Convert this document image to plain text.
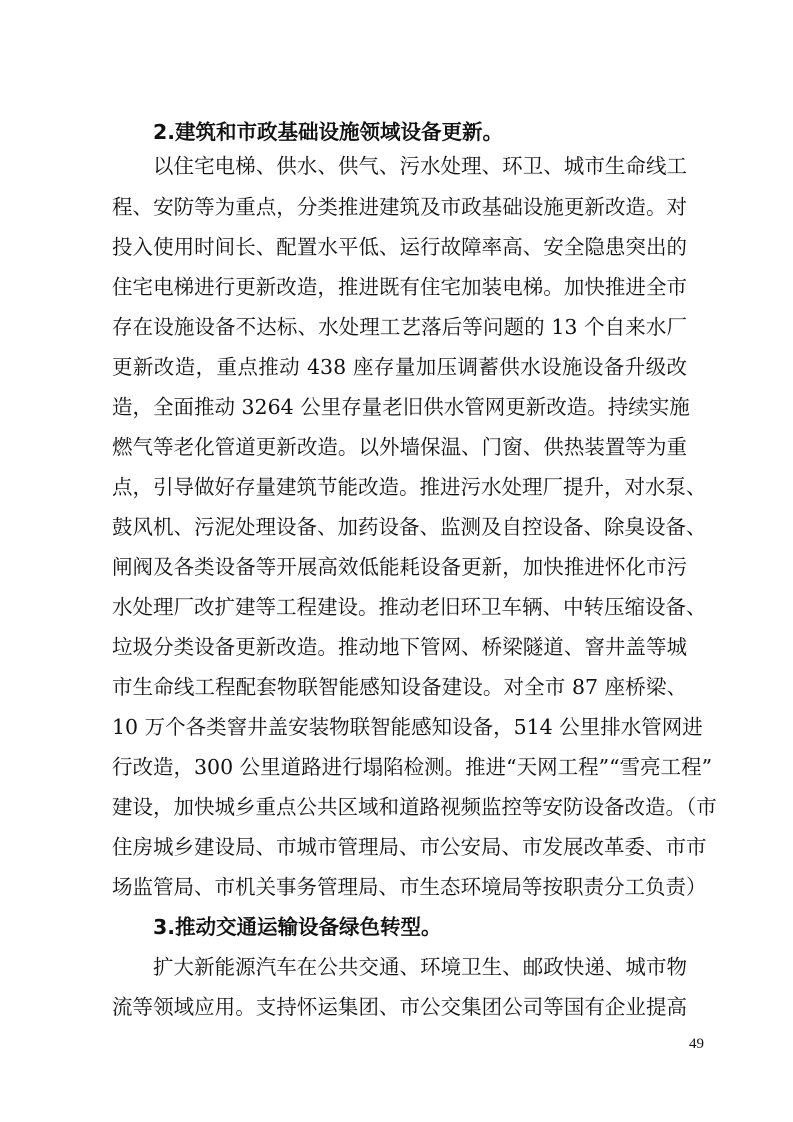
2.建筑和市政基础设施领域设备更新。
以住宅电梯、供水、供气、污水处理、环卫、城市生命线工
程、安防等为重点，分类推进建筑及市政基础设施更新改造。对
投入使用时间长、配置水平低、运行故障率高、安全隐患突出的
住宅电梯进行更新改造，推进既有住宅加装电梯。加快推进全市
存在设施设备不达标、水处理工艺落后等问题的 13 个自来水厂
更新改造，重点推动 438 座存量加压调蓄供水设施设备升级改
造，全面推动 3264 公里存量老旧供水管网更新改造。持续实施
燃气等老化管道更新改造。以外墙保温、门窗、供热装置等为重
点，引导做好存量建筑节能改造。推进污水处理厂提升，对水泵、
鼓风机、污泥处理设备、加药设备、监测及自控设备、除臭设备、
闸阀及各类设备等开展高效低能耗设备更新，加快推进怀化市污
水处理厂改扩建等工程建设。推动老旧环卫车辆、中转压缩设备、
垃圾分类设备更新改造。推动地下管网、桥梁隧道、窨井盖等城
市生命线工程配套物联智能感知设备建设。对全市 87 座桥梁、
10 万个各类窨井盖安装物联智能感知设备，514 公里排水管网进
行改造，300 公里道路进行塌陷检测。推进“天网工程”“雪亮工程”
建设，加快城乡重点公共区域和道路视频监控等安防设备改造。（市
住房城乡建设局、市城市管理局、市公安局、市发展改革委、市市
场监管局、市机关事务管理局、市生态环境局等按职责分工负责）
3.推动交通运输设备绿色转型。
扩大新能源汽车在公共交通、环境卫生、邮政快递、城市物
流等领域应用。支持怀运集团、市公交集团公司等国有企业提高
49
